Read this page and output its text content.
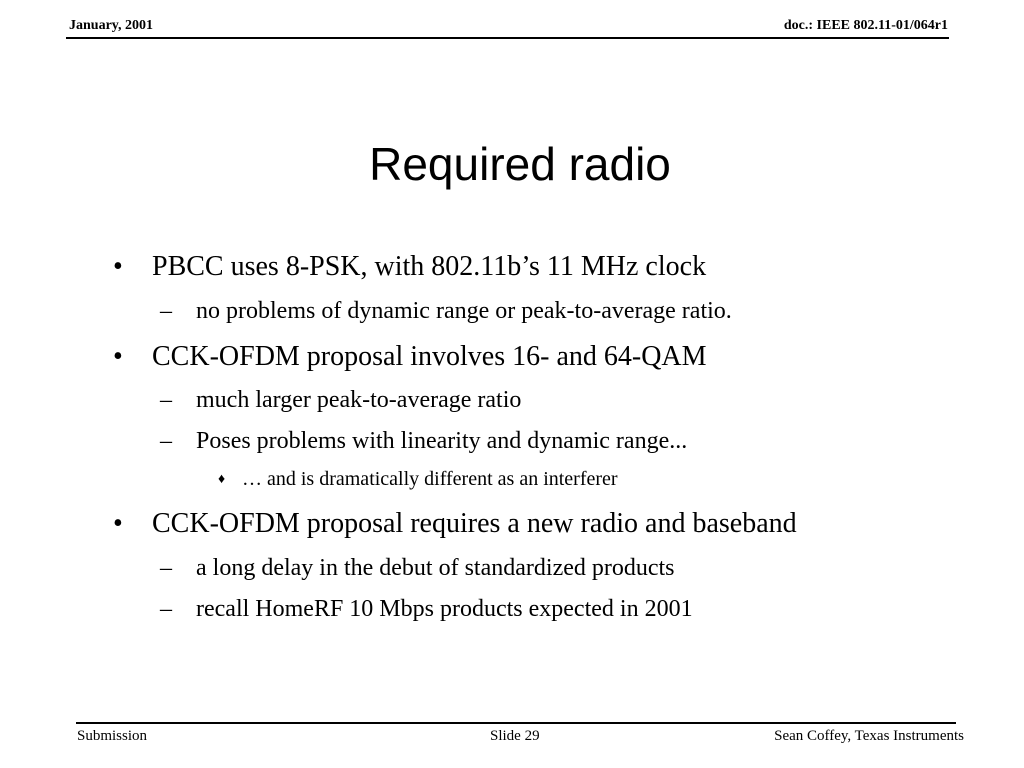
January, 2001	doc.: IEEE 802.11-01/064r1
Required radio
• PBCC uses 8-PSK, with 802.11b’s 11 MHz clock
– no problems of dynamic range or peak-to-average ratio.
• CCK-OFDM proposal involves 16- and 64-QAM
– much larger peak-to-average ratio
– Poses problems with linearity and dynamic range...
♦ … and is dramatically different as an interferer
• CCK-OFDM proposal requires a new radio and baseband
– a long delay in the debut of standardized products
– recall HomeRF 10 Mbps products expected in 2001
Submission	Slide 29	Sean Coffey, Texas Instruments
